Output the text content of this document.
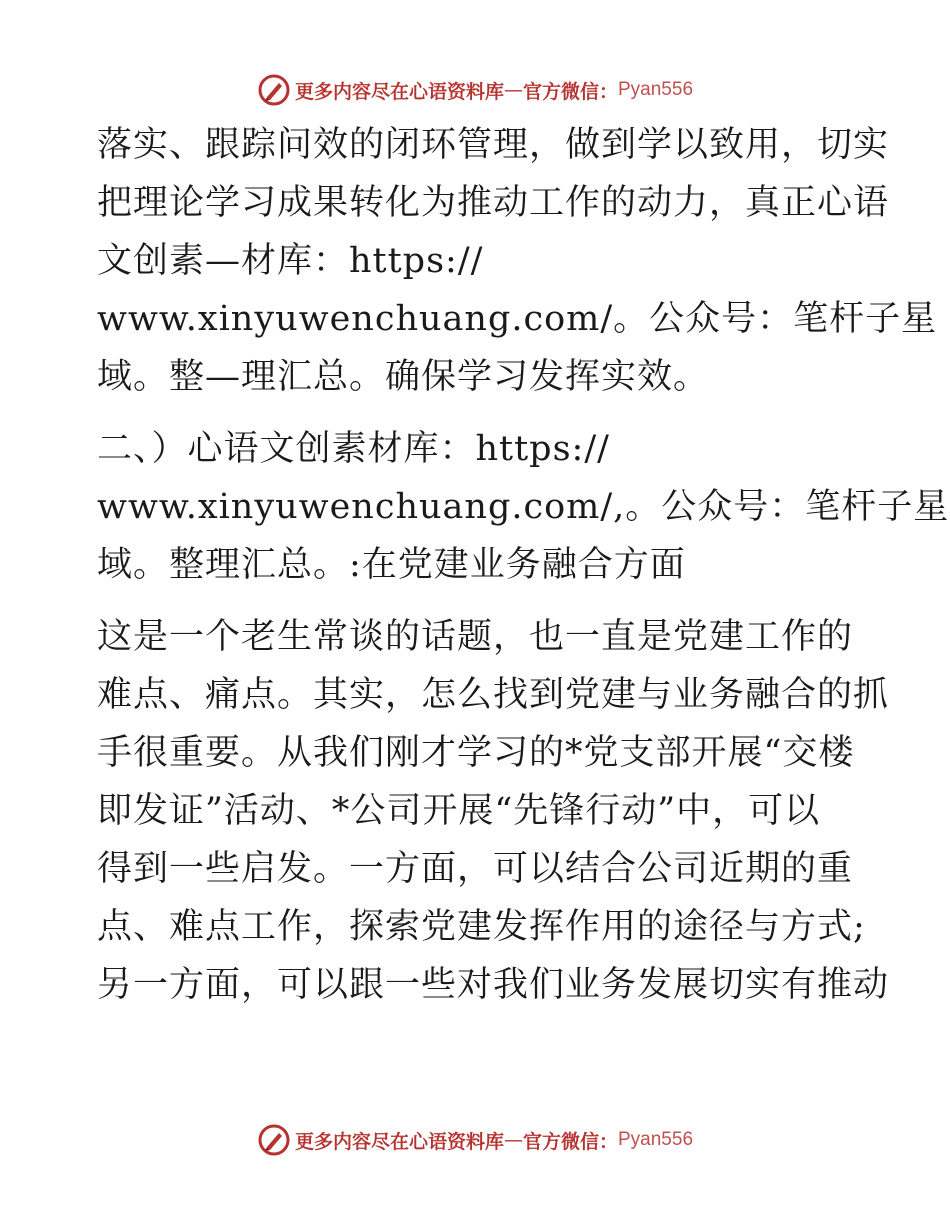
更多内容尽在心语资料库 — 官方微信： Pyan556
落实、跟踪问效的闭环管理，做到学以致用，切实
把理论学习成果转化为推动工作的动力，真正心语
文创素—材库：https://
www.xinyuwenchuang.com/。公众号：笔杆子星
域。整—理汇总。确保学习发挥实效。
二、）心语文创素材库：https://
www.xinyuwenchuang.com/,。公众号：笔杆子星
域。整理汇总。:在党建业务融合方面
这是一个老生常谈的话题，也一直是党建工作的
难点、痛点。其实，怎么找到党建与业务融合的抓
手很重要。从我们刚才学习的*党支部开展“交楼
即发证”活动、*公司开展“先锋行动”中，可以
得到一些启发。一方面，可以结合公司近期的重
点、难点工作，探索党建发挥作用的途径与方式;
另一方面，可以跟一些对我们业务发展切实有推动
更多内容尽在心语资料库 — 官方微信： Pyan556
